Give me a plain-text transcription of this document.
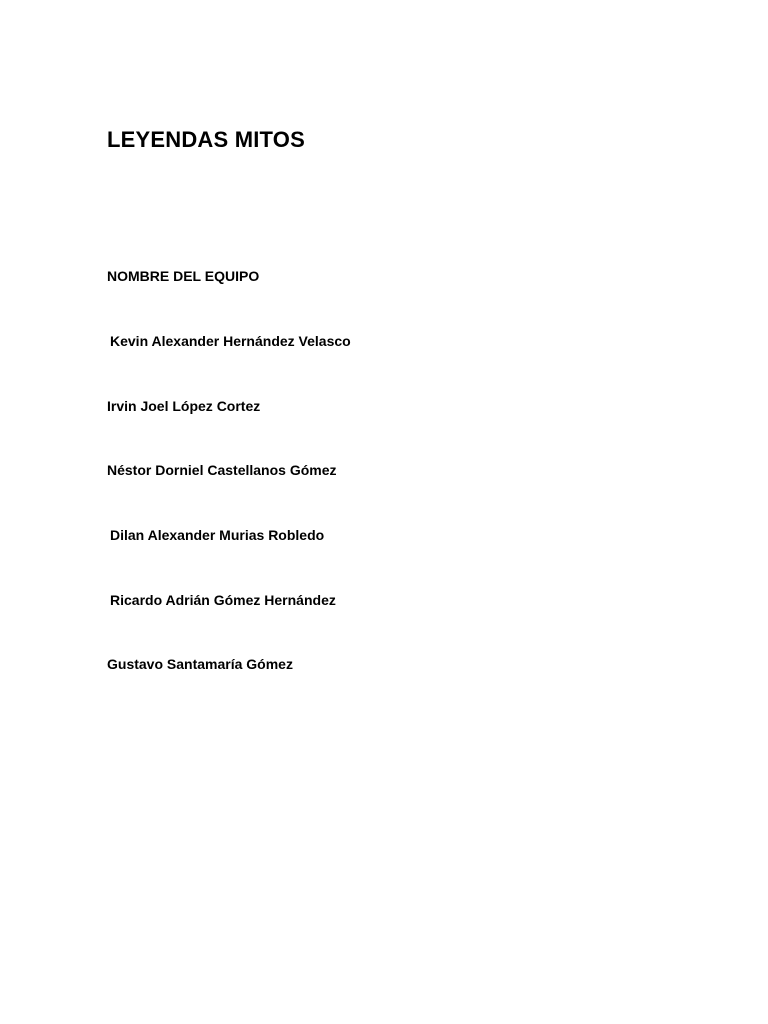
LEYENDAS MITOS

NOMBRE DEL EQUIPO

Kevin Alexander Hernández Velasco

Irvin Joel López Cortez

Néstor Dorniel Castellanos Gómez

Dilan Alexander Murias Robledo

Ricardo Adrián Gómez Hernández

Gustavo Santamaría Gómez
